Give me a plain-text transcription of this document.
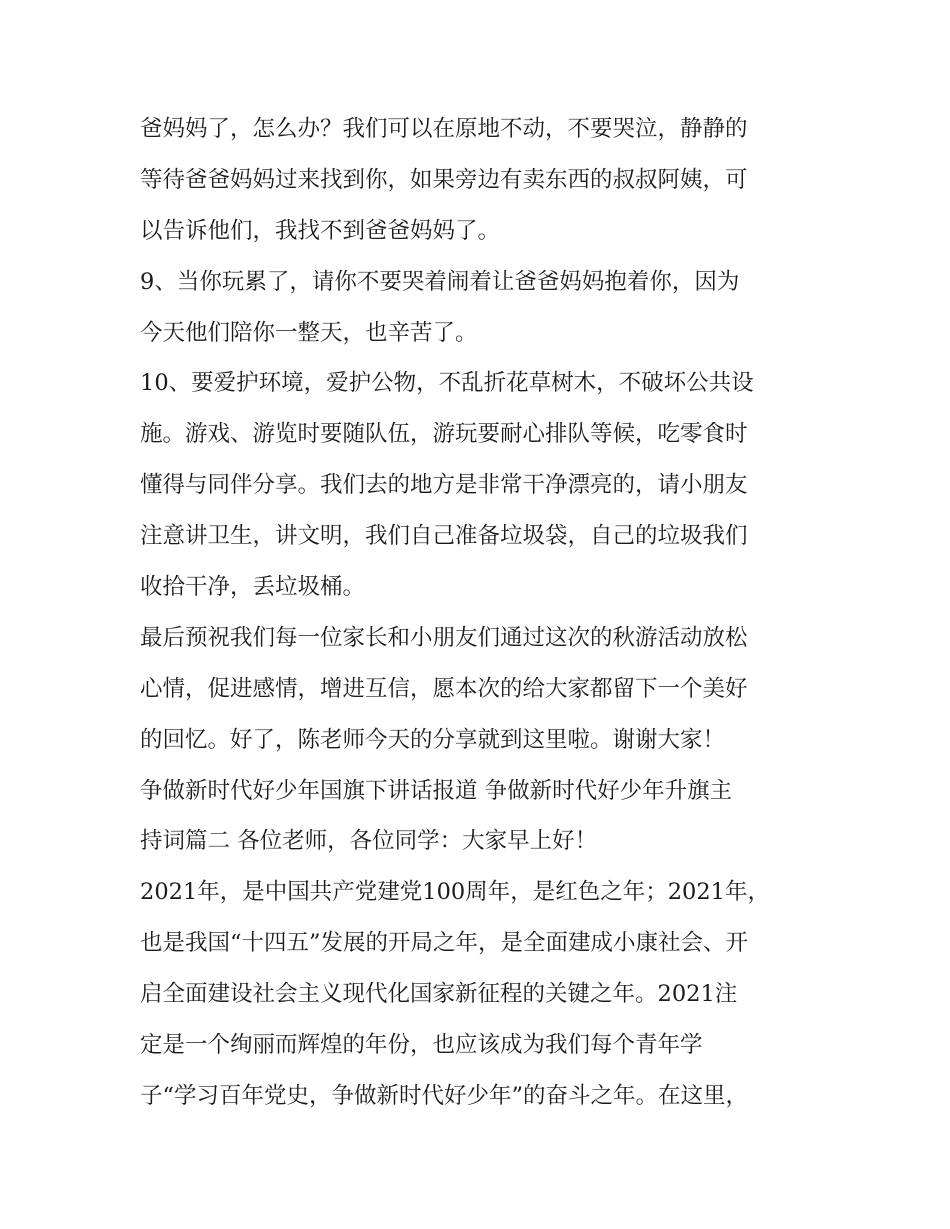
爸妈妈了，怎么办？我们可以在原地不动，不要哭泣，静静的
等待爸爸妈妈过来找到你，如果旁边有卖东西的叔叔阿姨，可
以告诉他们，我找不到爸爸妈妈了。
9、当你玩累了，请你不要哭着闹着让爸爸妈妈抱着你，因为
今天他们陪你一整天，也辛苦了。
10、要爱护环境，爱护公物，不乱折花草树木，不破坏公共设
施。游戏、游览时要随队伍，游玩要耐心排队等候，吃零食时
懂得与同伴分享。我们去的地方是非常干净漂亮的，请小朋友
注意讲卫生，讲文明，我们自己准备垃圾袋，自己的垃圾我们
收拾干净，丢垃圾桶。
最后预祝我们每一位家长和小朋友们通过这次的秋游活动放松
心情，促进感情，增进互信，愿本次的给大家都留下一个美好
的回忆。好了，陈老师今天的分享就到这里啦。谢谢大家！
争做新时代好少年国旗下讲话报道 争做新时代好少年升旗主
持词篇二 各位老师，各位同学：大家早上好！
2021年，是中国共产党建党100周年，是红色之年；2021年，
也是我国“十四五”发展的开局之年，是全面建成小康社会、开
启全面建设社会主义现代化国家新征程的关键之年。2021注
定是一个绚丽而辉煌的年份，也应该成为我们每个青年学
子“学习百年党史，争做新时代好少年”的奋斗之年。在这里，
